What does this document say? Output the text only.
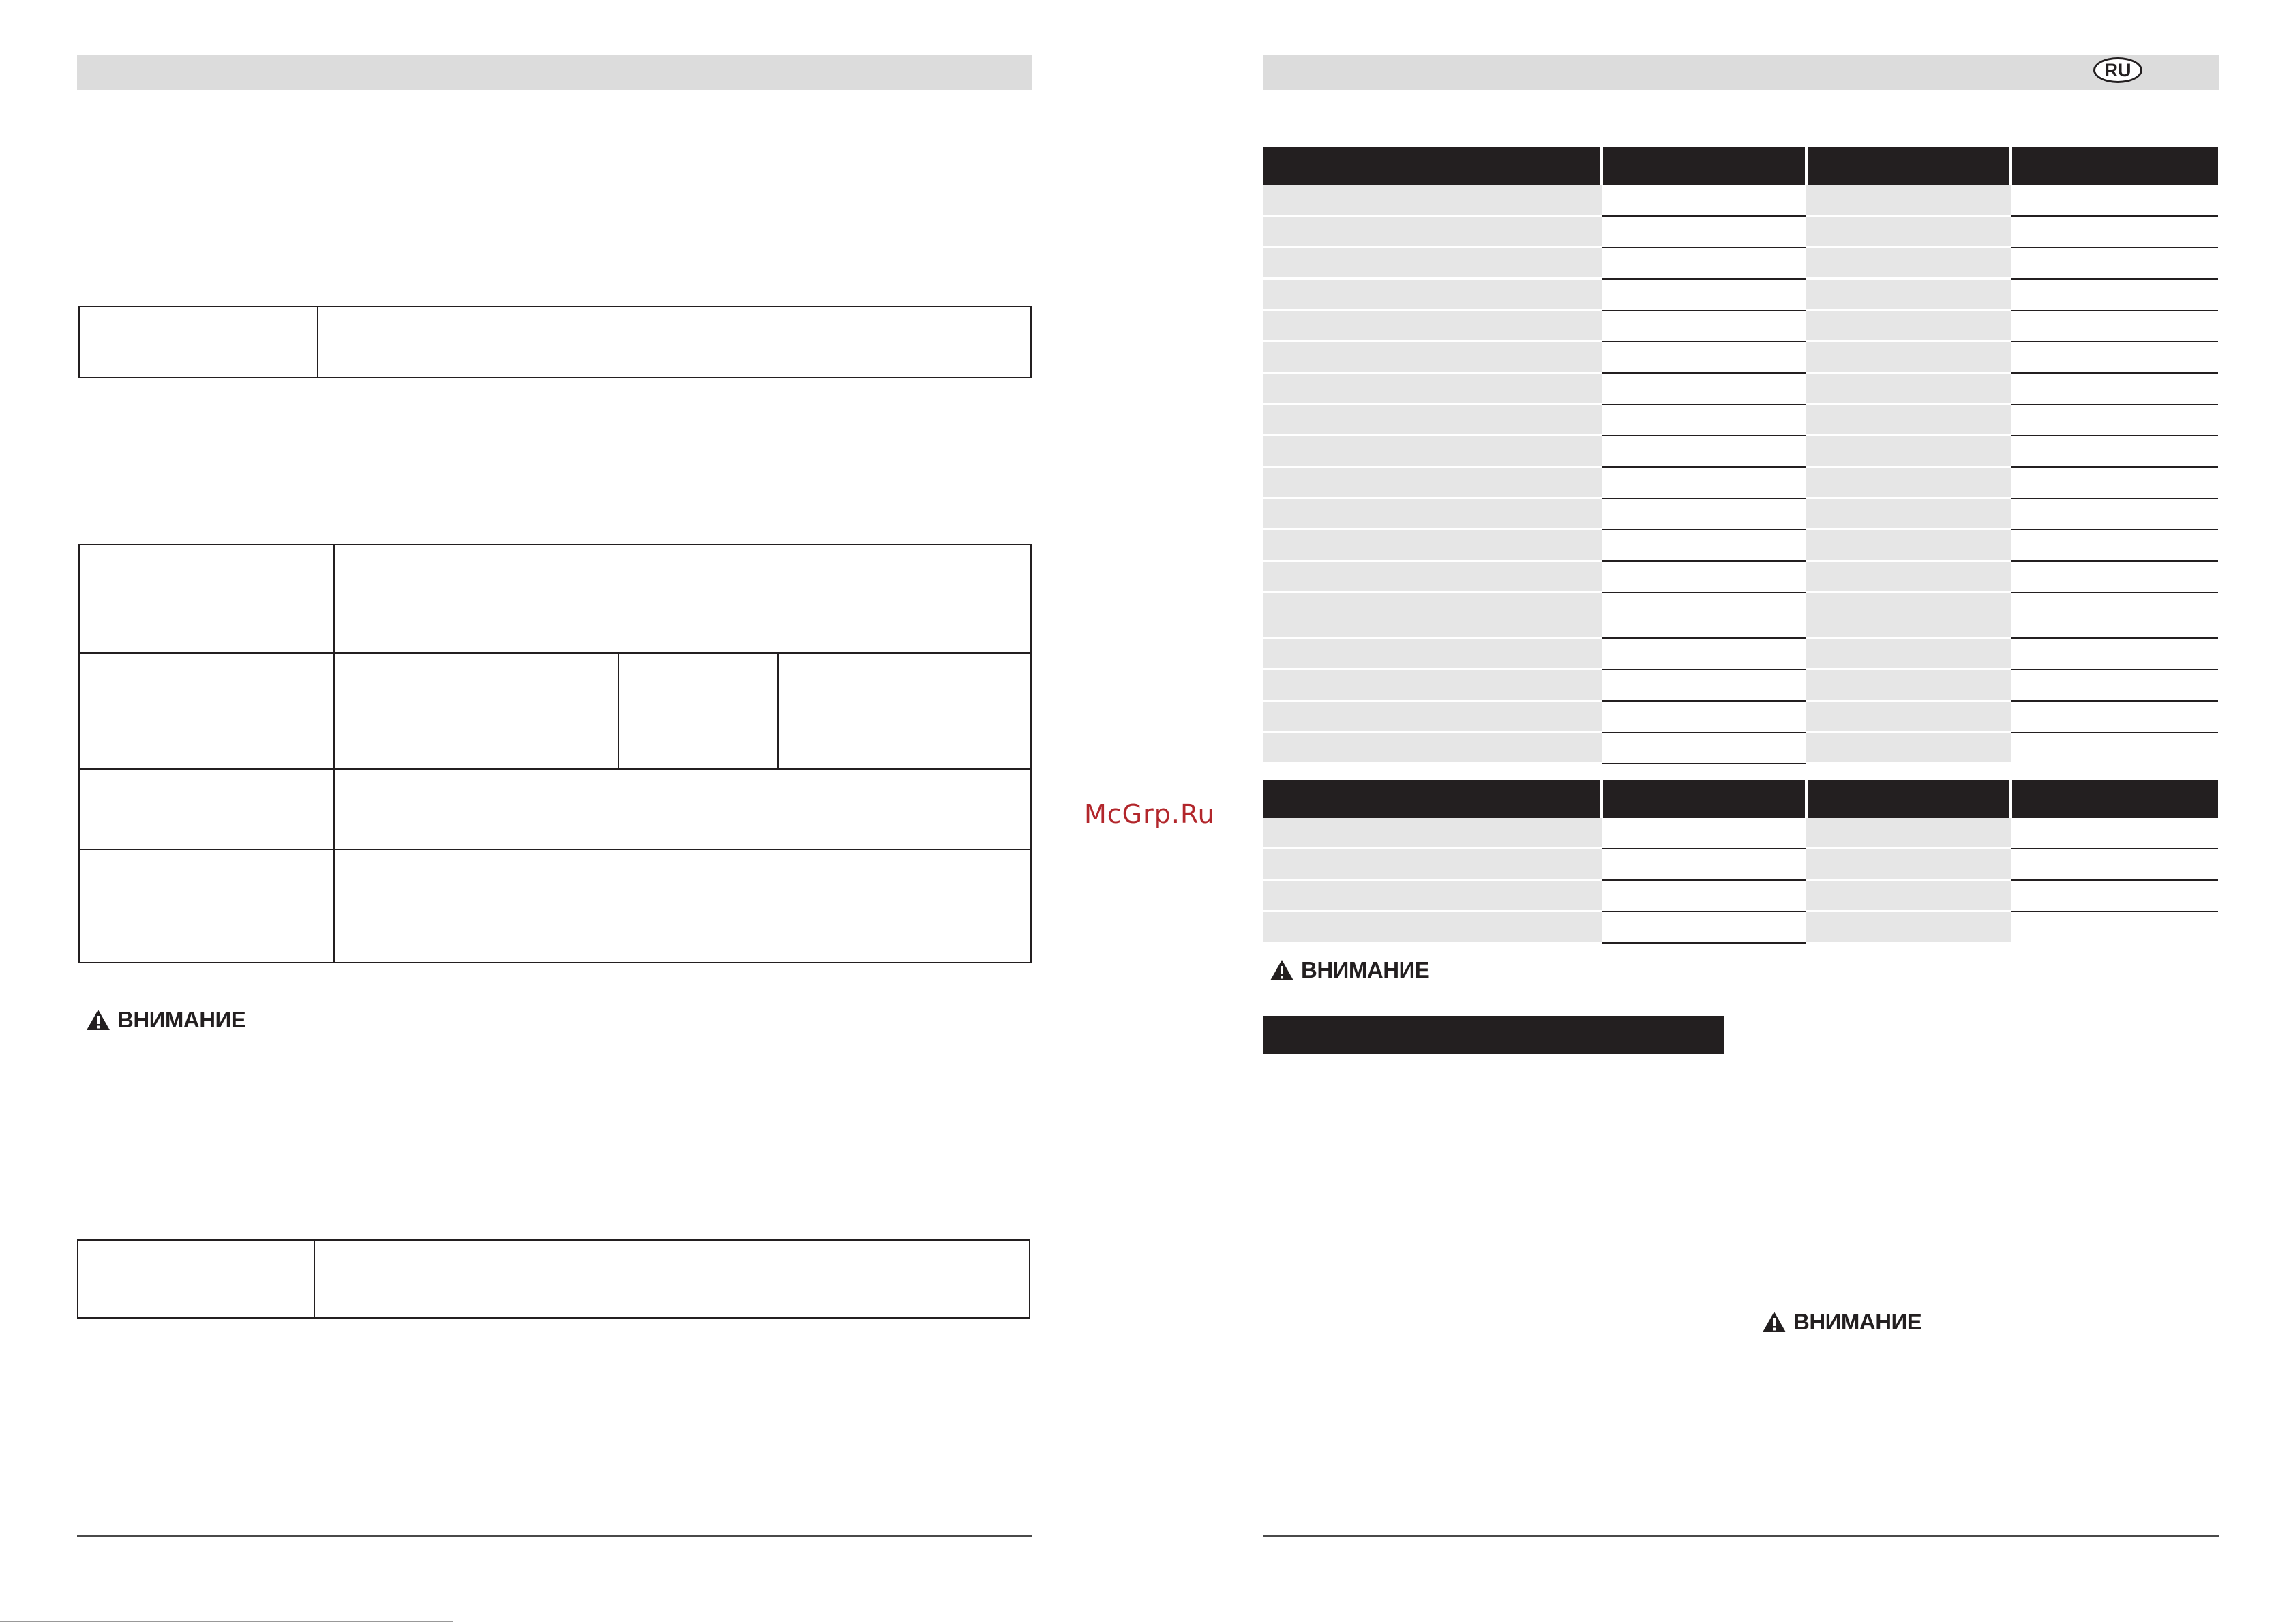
ВНИМАНИЕ
McGrp.Ru
RU

ВНИМАНИЕ
ВНИМАНИЕ
